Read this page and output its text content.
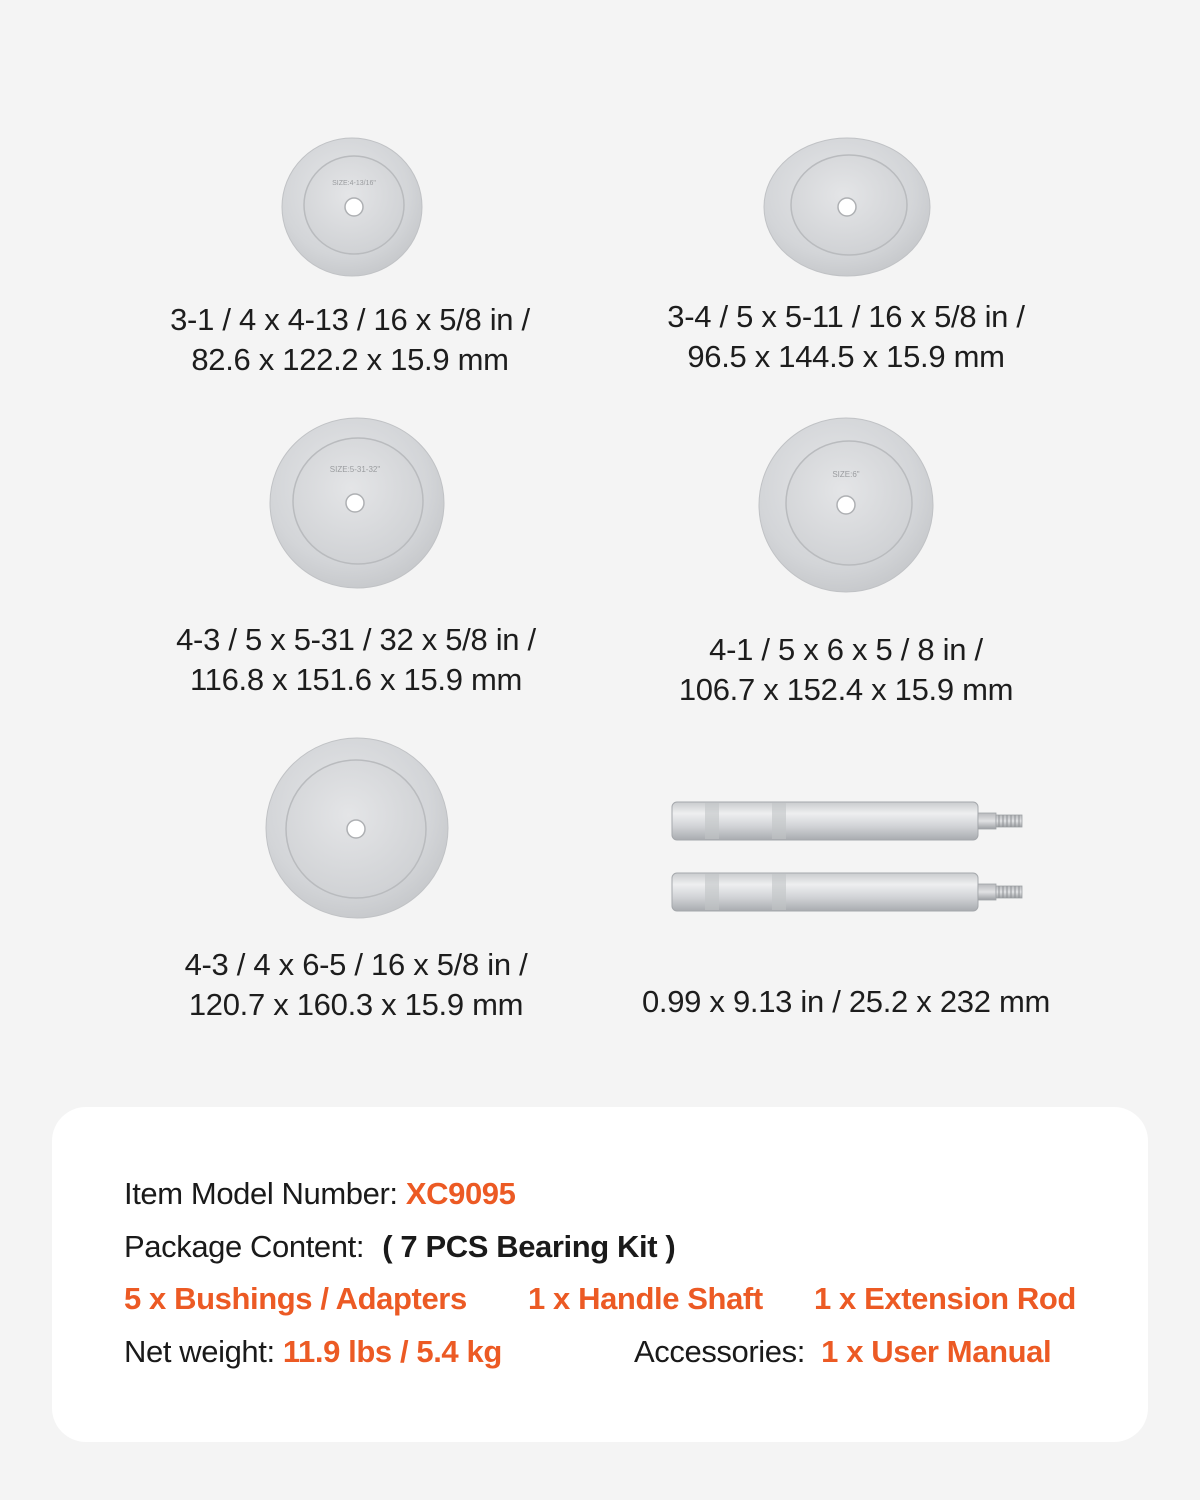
SIZE:4-13/16"
3-1 / 4 x 4-13 / 16 x 5/8 in /
82.6 x 122.2 x 15.9 mm
3-4 / 5 x 5-11 / 16 x 5/8 in /
96.5 x 144.5 x 15.9 mm
SIZE:5-31-32"
4-3 / 5 x 5-31 / 32 x 5/8 in /
116.8 x 151.6 x 15.9 mm
SIZE:6"
4-1 / 5 x 6 x 5 / 8 in /
106.7 x 152.4 x 15.9 mm
4-3 / 4 x 6-5 / 16 x 5/8 in /
120.7 x 160.3 x 15.9 mm	0.99 x 9.13 in / 25.2 x 232 mm
Item Model Number: XC9095
Package Content: ( 7 PCS Bearing Kit )
5 x Bushings / Adapters 1 x Handle Shaft 1 x Extension Rod
Net weight: 11.9 lbs / 5.4 kg	Accessories: 1 x User Manual
